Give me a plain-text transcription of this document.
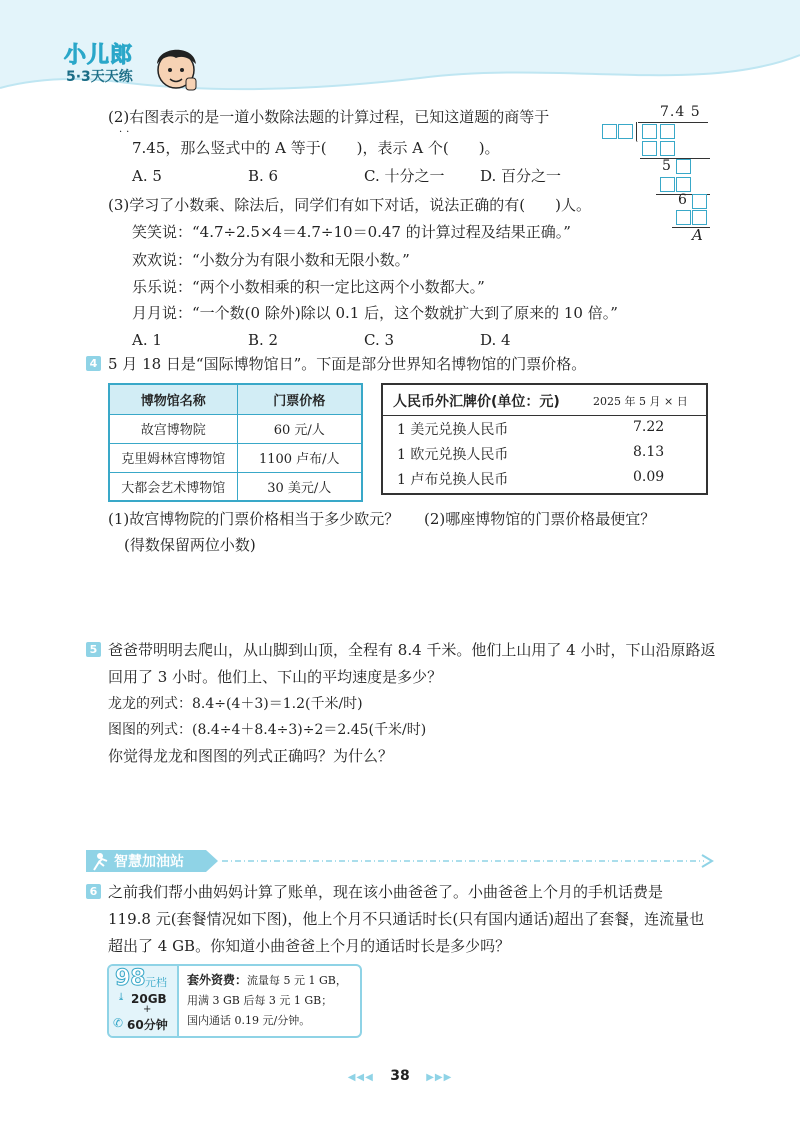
小儿郎
5·3天天练
(2)右图表示的是一道小数除法题的计算过程，已知这道题的商等于
··
7.45，那么竖式中的 A 等于(　　)，表示 A 个(　　)。
A. 5	B. 6	C. 十分之一 D. 百分之一
7.4 5
5
6
A
(3)学习了小数乘、除法后，同学们有如下对话，说法正确的有(　　)人。
笑笑说：“4.7÷2.5×4＝4.7÷10＝0.47 的计算过程及结果正确。”
欢欢说：“小数分为有限小数和无限小数。”
乐乐说：“两个小数相乘的积一定比这两个小数都大。”
月月说：“一个数(0 除外)除以 0.1 后，这个数就扩大到了原来的 10 倍。”
A. 1	B. 2	C. 3	D. 4
4 5 月 18 日是“国际博物馆日”。下面是部分世界知名博物馆的门票价格。
博物馆名称	门票价格
故宫博物院	60 元/人
克里姆林宫博物馆	1100 卢布/人
大都会艺术博物馆	30 美元/人
人民币外汇牌价(单位：元)	2025 年 5 月 × 日
1 美元兑换人民币	7.22
1 欧元兑换人民币	8.13
1 卢布兑换人民币	0.09
(1)故宫博物院的门票价格相当于多少欧元？
(得数保留两位小数)
(2)哪座博物馆的门票价格最便宜？
5 爸爸带明明去爬山，从山脚到山顶，全程有 8.4 千米。他们上山用了 4 小时，下山沿原路返
回用了 3 小时。他们上、下山的平均速度是多少？
龙龙的列式：8.4÷(4＋3)＝1.2(千米/时)
图图的列式：(8.4÷4＋8.4÷3)÷2＝2.45(千米/时)
你觉得龙龙和图图的列式正确吗？为什么？
智慧加油站
6 之前我们帮小曲妈妈计算了账单，现在该小曲爸爸了。小曲爸爸上个月的手机话费是
119.8 元(套餐情况如下图)，他上个月不只通话时长(只有国内通话)超出了套餐，连流量也
超出了 4 GB。你知道小曲爸爸上个月的通话时长是多少吗？
98 元档
⤓ 20GB
+
✆ 60分钟
套外资费：流量每 5 元 1 GB，
用满 3 GB 后每 3 元 1 GB；
国内通话 0.19 元/分钟。
◀◀◀ 38 ▶▶▶
